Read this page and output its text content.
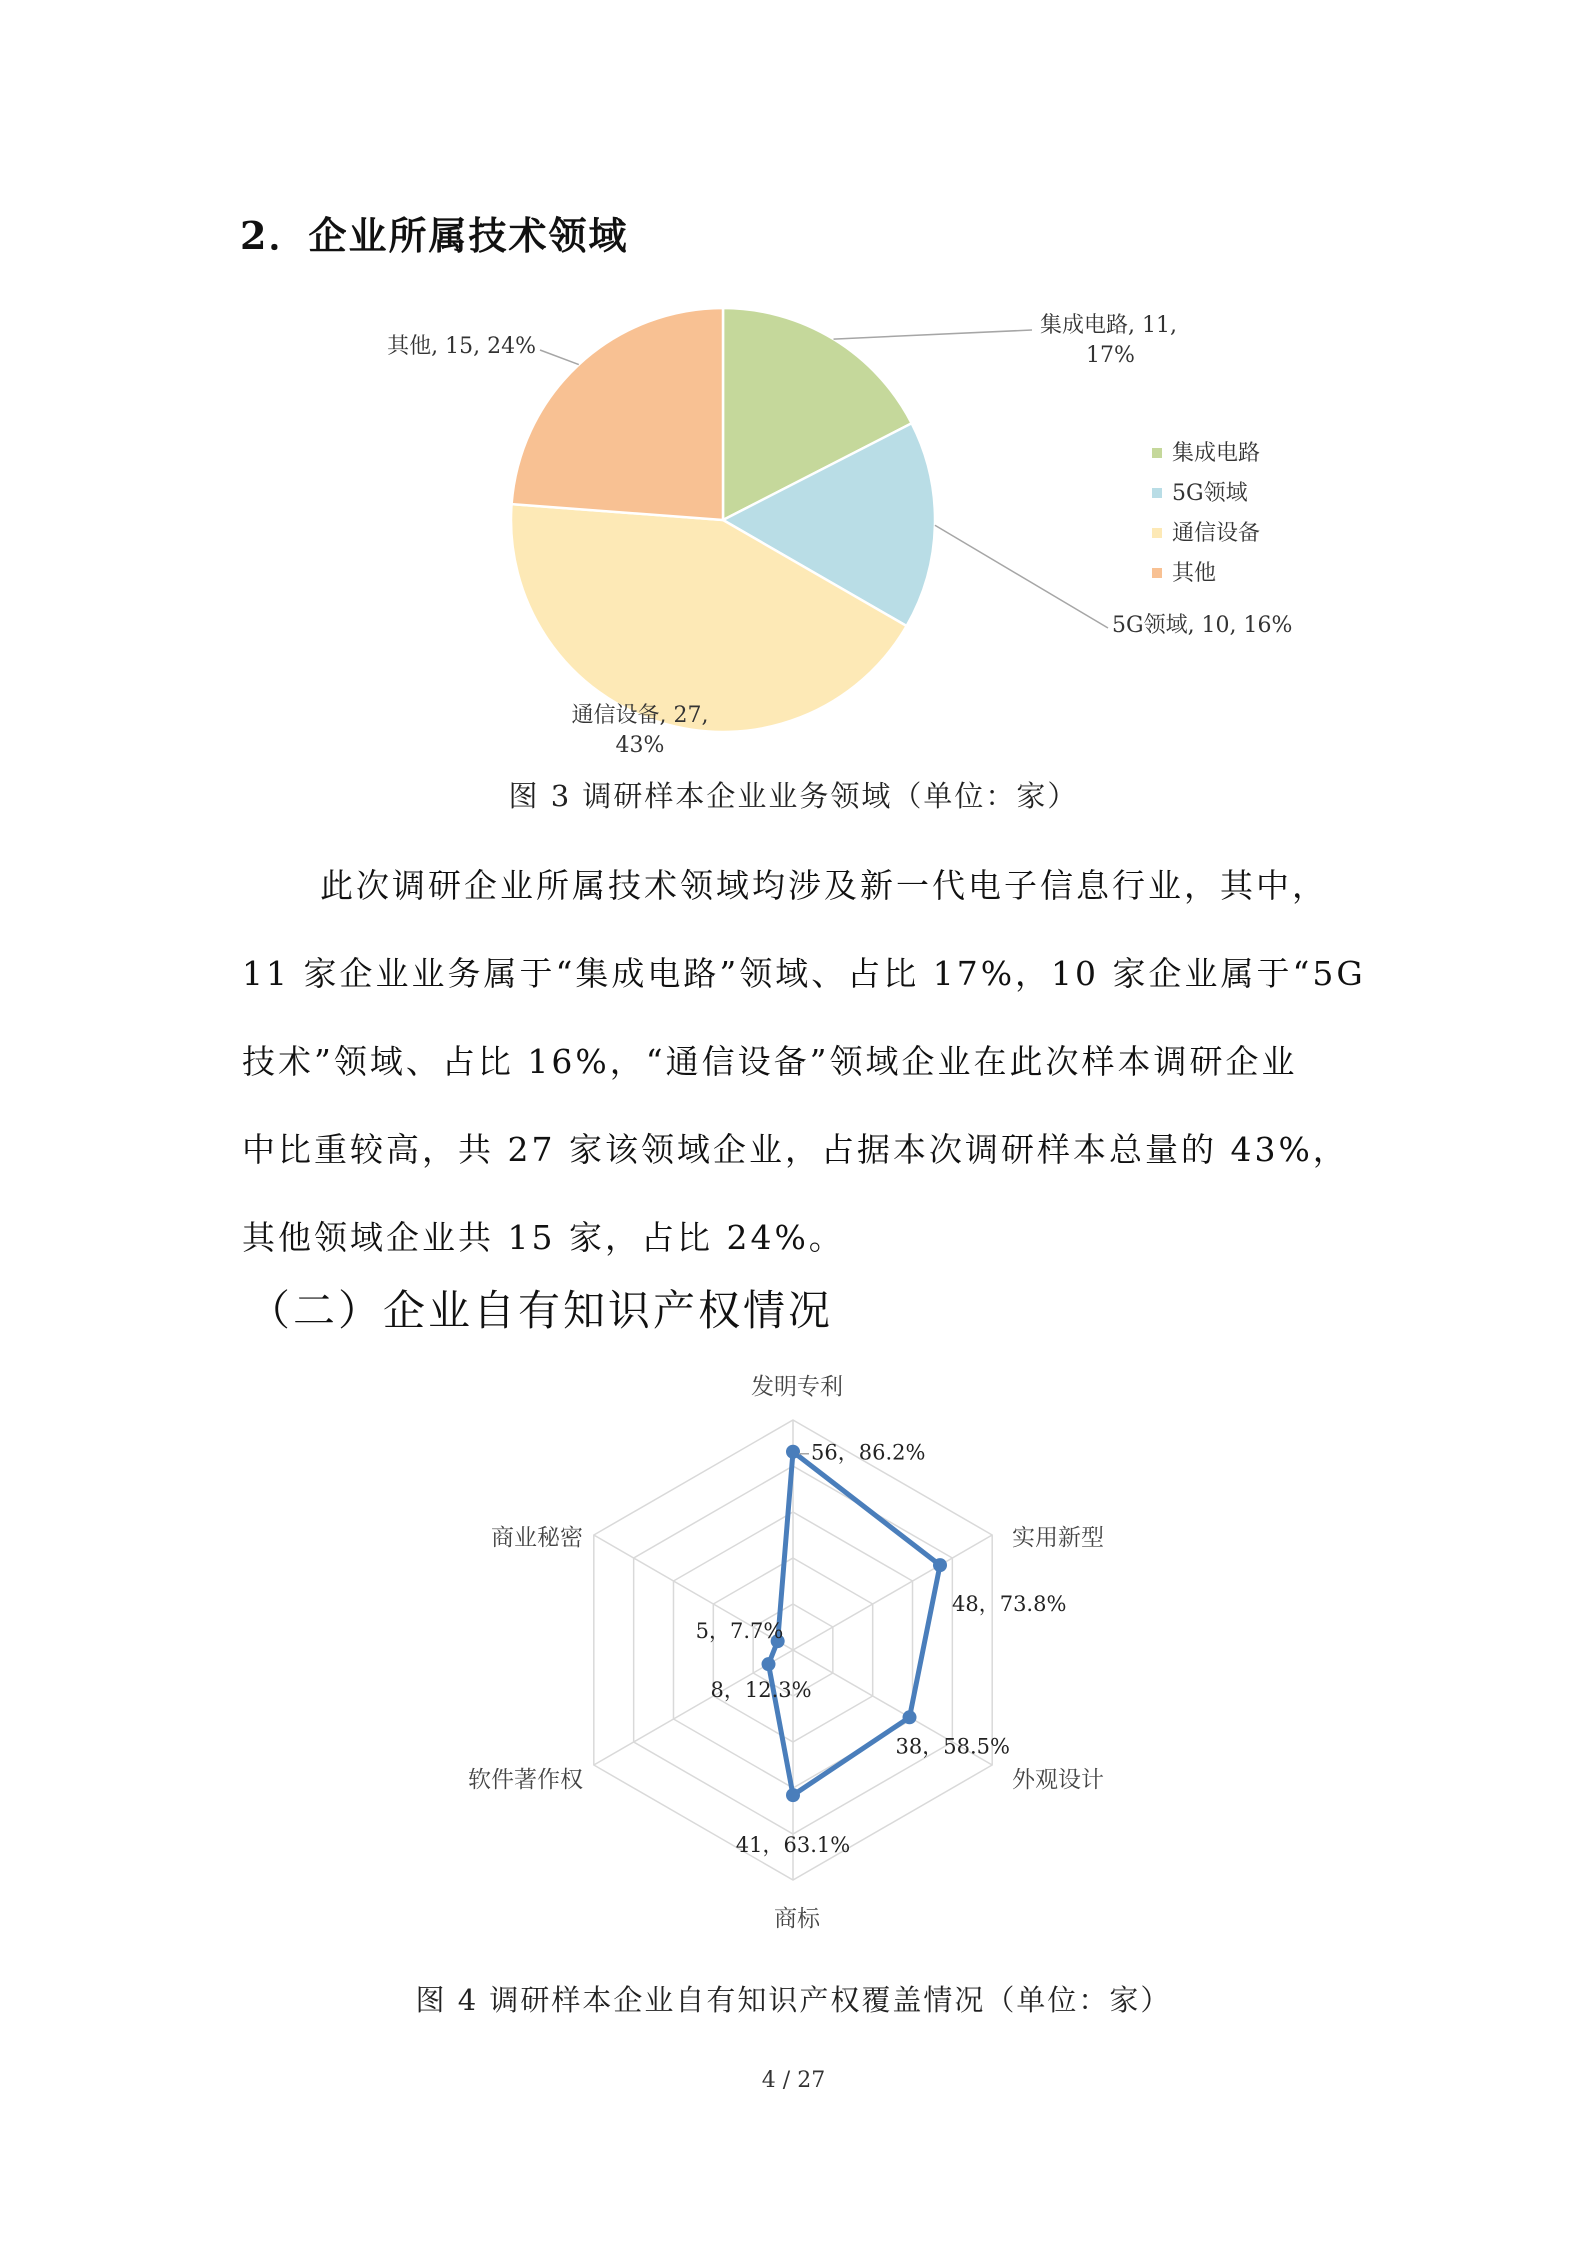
2．企业所属技术领域
集成电路, 11,
17%
5G领域, 10, 16%
通信设备, 27,
43%
其他, 15, 24%
集成电路
5G领域
通信设备
其他
图 3 调研样本企业业务领域（单位：家）

此次调研企业所属技术领域均涉及新一代电子信息行业，其中，

11 家企业业务属于“集成电路”领域、占比 17%，10 家企业属于“5G

技术”领域、占比 16%，“通信设备”领域企业在此次样本调研企业

中比重较高，共 27 家该领域企业，占据本次调研样本总量的 43%，

其他领域企业共 15 家，占比 24%。

（二）企业自有知识产权情况
发明专利
56，86.2%
实用新型
48，73.8%
外观设计
38，58.5%
商标
41，63.1%
软件著作权
8，12.3%
商业秘密
5，7.7%
图 4 调研样本企业自有知识产权覆盖情况（单位：家）
4 / 27
